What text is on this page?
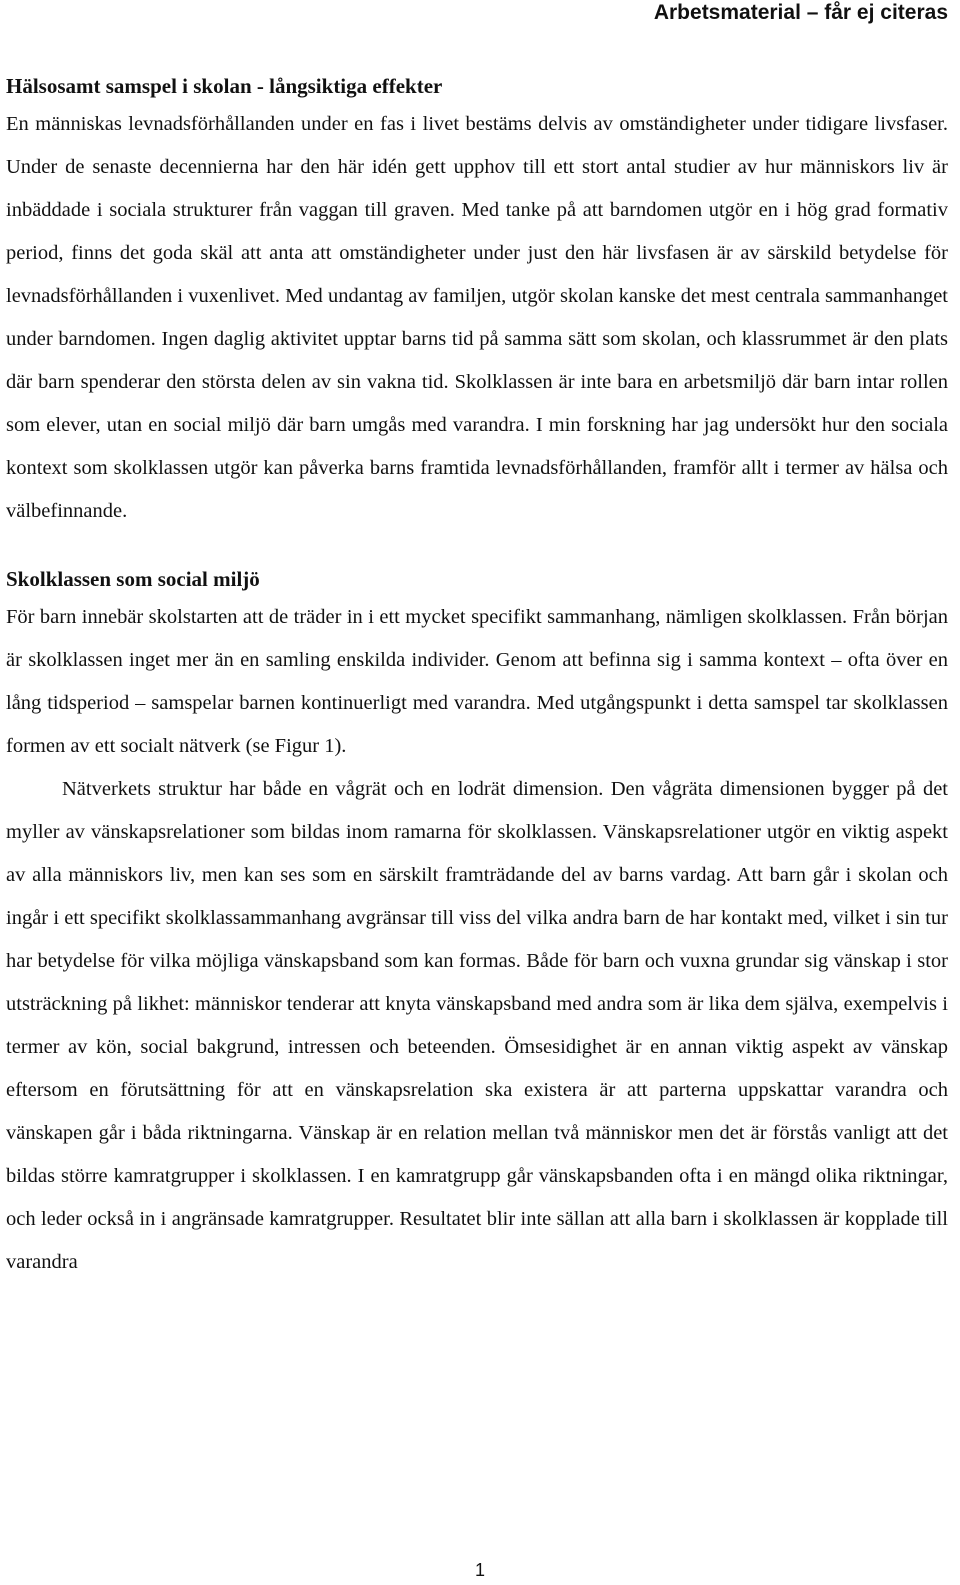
Arbetsmaterial – får ej citeras
Hälsosamt samspel i skolan - långsiktiga effekter

En människas levnadsförhållanden under en fas i livet bestäms delvis av omständigheter under tidigare livsfaser. Under de senaste decennierna har den här idén gett upphov till ett stort antal studier av hur människors liv är inbäddade i sociala strukturer från vaggan till graven. Med tanke på att barndomen utgör en i hög grad formativ period, finns det goda skäl att anta att omständigheter under just den här livsfasen är av särskild betydelse för levnadsförhållanden i vuxenlivet. Med undantag av familjen, utgör skolan kanske det mest centrala sammanhanget under barndomen. Ingen daglig aktivitet upptar barns tid på samma sätt som skolan, och klassrummet är den plats där barn spenderar den största delen av sin vakna tid. Skolklassen är inte bara en arbetsmiljö där barn intar rollen som elever, utan en social miljö där barn umgås med varandra. I min forskning har jag undersökt hur den sociala kontext som skolklassen utgör kan påverka barns framtida levnadsförhållanden, framför allt i termer av hälsa och välbefinnande.

Skolklassen som social miljö

För barn innebär skolstarten att de träder in i ett mycket specifikt sammanhang, nämligen skolklassen. Från början är skolklassen inget mer än en samling enskilda individer. Genom att befinna sig i samma kontext – ofta över en lång tidsperiod – samspelar barnen kontinuerligt med varandra. Med utgångspunkt i detta samspel tar skolklassen formen av ett socialt nätverk (se Figur 1).

Nätverkets struktur har både en vågrät och en lodrät dimension. Den vågräta dimensionen bygger på det myller av vänskapsrelationer som bildas inom ramarna för skolklassen. Vänskapsrelationer utgör en viktig aspekt av alla människors liv, men kan ses som en särskilt framträdande del av barns vardag. Att barn går i skolan och ingår i ett specifikt skolklassammanhang avgränsar till viss del vilka andra barn de har kontakt med, vilket i sin tur har betydelse för vilka möjliga vänskapsband som kan formas. Både för barn och vuxna grundar sig vänskap i stor utsträckning på likhet: människor tenderar att knyta vänskapsband med andra som är lika dem själva, exempelvis i termer av kön, social bakgrund, intressen och beteenden. Ömsesidighet är en annan viktig aspekt av vänskap eftersom en förutsättning för att en vänskapsrelation ska existera är att parterna uppskattar varandra och vänskapen går i båda riktningarna. Vänskap är en relation mellan två människor men det är förstås vanligt att det bildas större kamratgrupper i skolklassen. I en kamratgrupp går vänskapsbanden ofta i en mängd olika riktningar, och leder också in i angränsade kamratgrupper. Resultatet blir inte sällan att alla barn i skolklassen är kopplade till varandra

1
